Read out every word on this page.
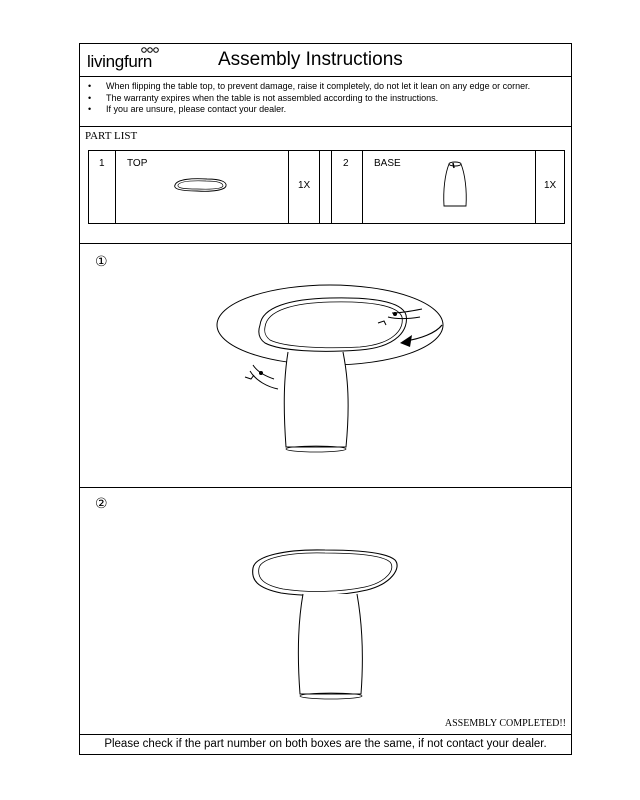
livingfurn	Assembly Instructions
• When flipping the table top, to prevent damage, raise it completely, do not let it lean on any edge or corner.
• The warranty expires when the table is not assembled according to the instructions.
• If you are unsure, please contact your dealer.
PART LIST
1 TOP
1X
2	BASE
1X
①
②
ASSEMBLY COMPLETED!!
Please check if the part number on both boxes are the same, if not contact your dealer.
